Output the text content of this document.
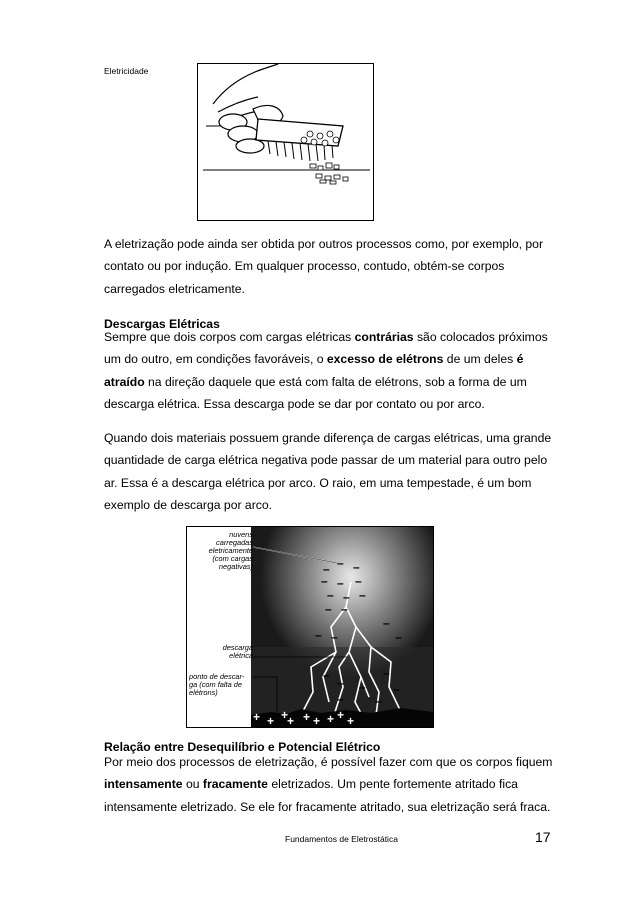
Eletricidade

A eletrização pode ainda ser obtida por outros processos como, por exemplo, por contato ou por indução. Em qualquer processo, contudo, obtém-se corpos carregados eletricamente.

Descargas Elétricas

Sempre que dois corpos com cargas elétricas contrárias são colocados próximos um do outro, em condições favoráveis, o excesso de elétrons de um deles é atraído na direção daquele que está com falta de elétrons, sob a forma de um descarga elétrica. Essa descarga pode se dar por contato ou por arco.

Quando dois materiais possuem grande diferença de cargas elétricas, uma grande quantidade de carga elétrica negativa pode passar de um material para outro pelo ar. Essa é a descarga elétrica por arco. O raio, em uma tempestade, é um bom exemplo de descarga por arco.

nuvens
carregadas
eletricamente
(com cargas
negativas)
descarga
elétrica
ponto de descar-
ga (com falta de
elétrons)
– – –
– – –
– – –
– –
– –
–
–
–
– –
–
–
–	–
+ + +
+ + + + + +
Relação entre Desequilíbrio e Potencial Elétrico

Por meio dos processos de eletrização, é possível fazer com que os corpos fiquem intensamente ou fracamente eletrizados. Um pente fortemente atritado fica intensamente eletrizado. Se ele for fracamente atritado, sua eletrização será fraca.

Fundamentos de Eletrostática	17
